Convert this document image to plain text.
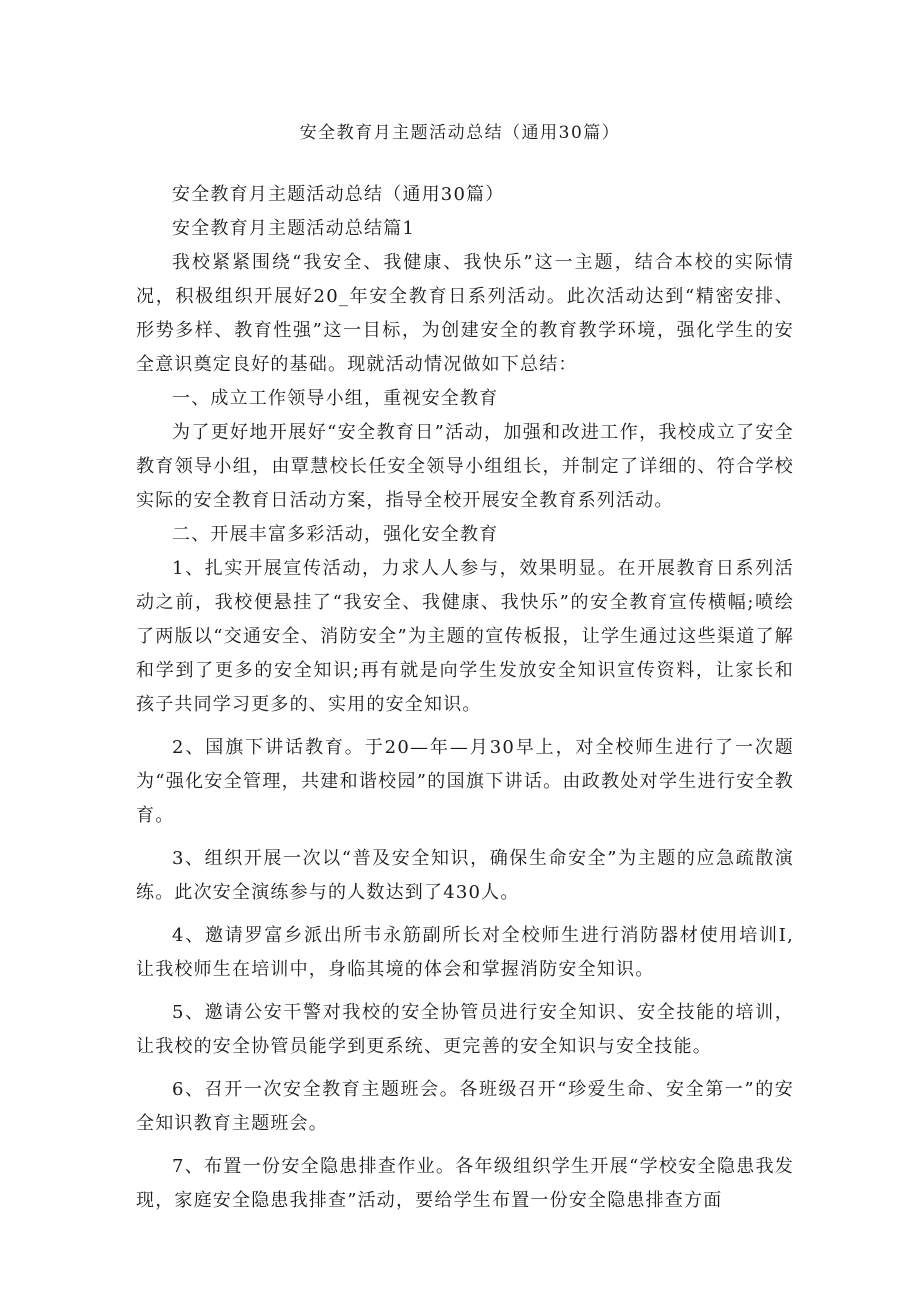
安全教育月主题活动总结（通用30篇）

安全教育月主题活动总结（通用30篇）

安全教育月主题活动总结篇1

我校紧紧围绕“我安全、我健康、我快乐”这一主题，结合本校的实际情况，积极组织开展好20_年安全教育日系列活动。此次活动达到“精密安排、形势多样、教育性强”这一目标，为创建安全的教育教学环境，强化学生的安全意识奠定良好的基础。现就活动情况做如下总结：

一、成立工作领导小组，重视安全教育

为了更好地开展好“安全教育日”活动，加强和改进工作，我校成立了安全教育领导小组，由覃慧校长任安全领导小组组长，并制定了详细的、符合学校实际的安全教育日活动方案，指导全校开展安全教育系列活动。

二、开展丰富多彩活动，强化安全教育

1、扎实开展宣传活动，力求人人参与，效果明显。在开展教育日系列活动之前，我校便悬挂了“我安全、我健康、我快乐”的安全教育宣传横幅;喷绘了两版以“交通安全、消防安全”为主题的宣传板报，让学生通过这些渠道了解和学到了更多的安全知识;再有就是向学生发放安全知识宣传资料，让家长和孩子共同学习更多的、实用的安全知识。

2、国旗下讲话教育。于20—年—月30早上，对全校师生进行了一次题为“强化安全管理，共建和谐校园”的国旗下讲话。由政教处对学生进行安全教育。

3、组织开展一次以“普及安全知识，确保生命安全”为主题的应急疏散演练。此次安全演练参与的人数达到了430人。

4、邀请罗富乡派出所韦永筋副所长对全校师生进行消防器材使用培训I,让我校师生在培训中，身临其境的体会和掌握消防安全知识。

5、邀请公安干警对我校的安全协管员进行安全知识、安全技能的培训，让我校的安全协管员能学到更系统、更完善的安全知识与安全技能。

6、召开一次安全教育主题班会。各班级召开“珍爱生命、安全第一”的安全知识教育主题班会。

7、布置一份安全隐患排查作业。各年级组织学生开展“学校安全隐患我发现，家庭安全隐患我排查”活动，要给学生布置一份安全隐患排查方面
